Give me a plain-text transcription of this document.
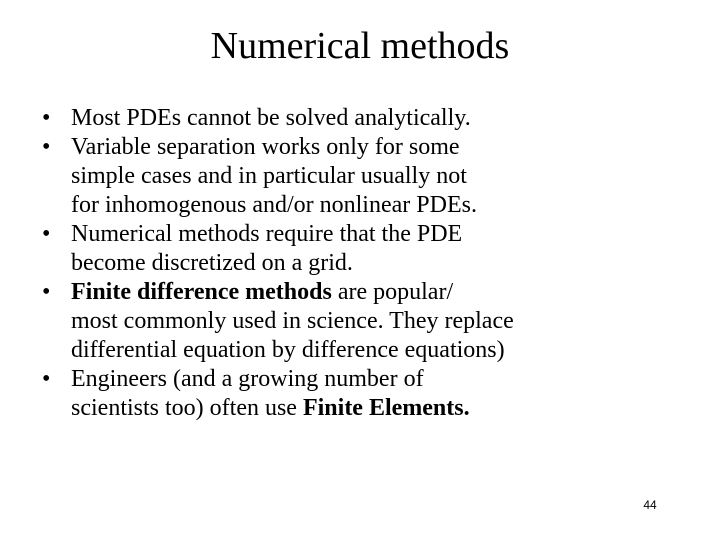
Numerical methods
• Most PDEs cannot be solved analytically.
• Variable separation works only for some
simple cases and in particular usually not
for inhomogenous and/or nonlinear PDEs.
• Numerical methods require that the PDE
become discretized on a grid.
• Finite difference methods are popular/
most commonly used in science. They replace
differential equation by difference equations)
• Engineers (and a growing number of
scientists too) often use Finite Elements.
44
